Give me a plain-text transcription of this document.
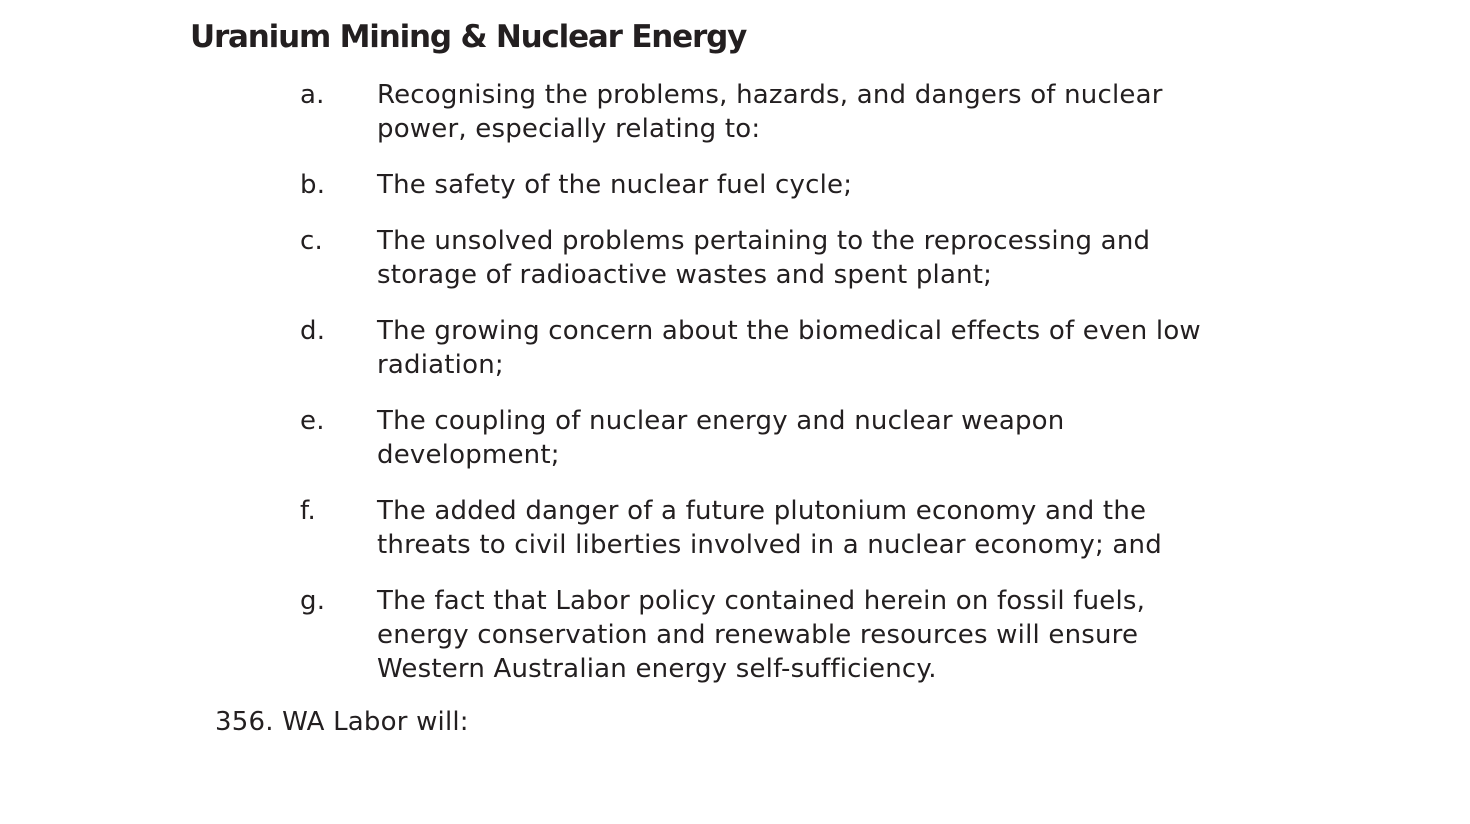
Uranium Mining & Nuclear Energy
a.	Recognising the problems, hazards, and dangers of nuclear
power, especially relating to:
b.	The safety of the nuclear fuel cycle;
c.	The unsolved problems pertaining to the reprocessing and
storage of radioactive wastes and spent plant;
d.	The growing concern about the biomedical effects of even low
radiation;
e.	The coupling of nuclear energy and nuclear weapon
development;
f.	The added danger of a future plutonium economy and the
threats to civil liberties involved in a nuclear economy; and
g.	The fact that Labor policy contained herein on fossil fuels,
energy conservation and renewable resources will ensure
Western Australian energy self-sufficiency.

356. WA Labor will:
